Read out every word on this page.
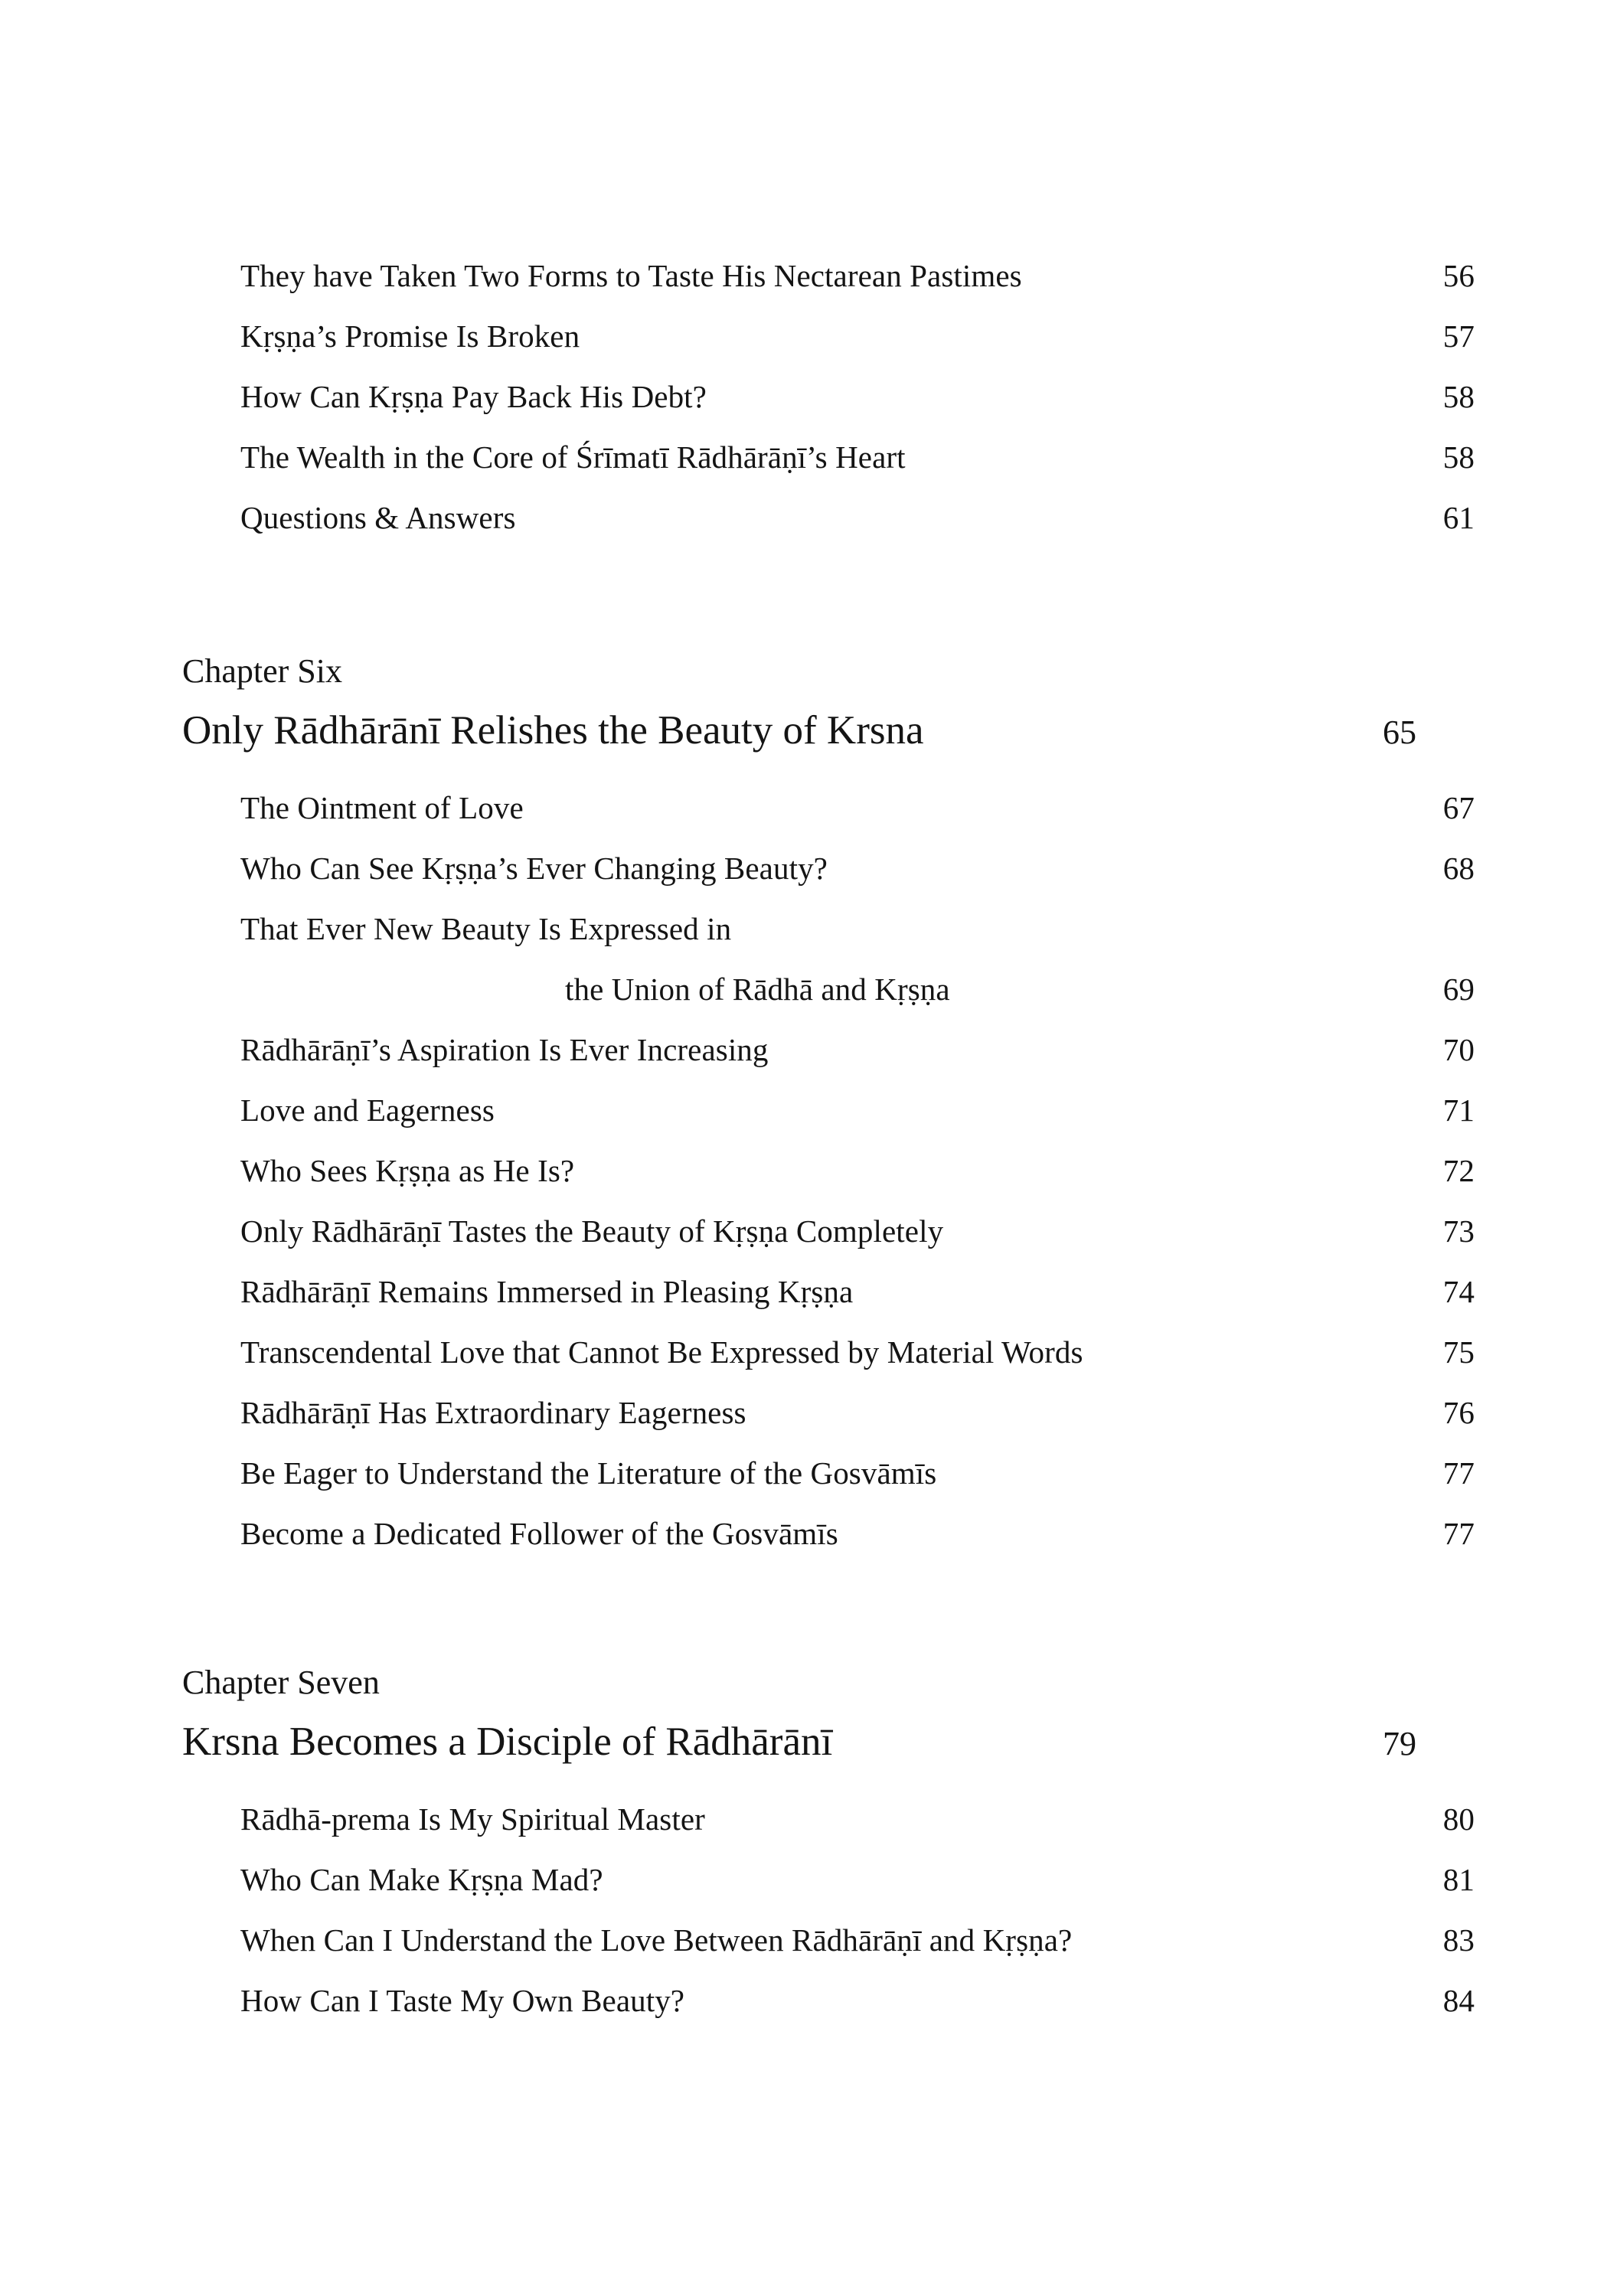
They have Taken Two Forms to Taste His Nectarean Pastimes	56
Kṛṣṇa’s Promise Is Broken	57
How Can Kṛṣṇa Pay Back His Debt?	58
The Wealth in the Core of Śrīmatī Rādhārāṇī’s Heart	58
Questions & Answers	61
Chapter Six
Only Rādhārānī Relishes the Beauty of Krsna	65
The Ointment of Love	67
Who Can See Kṛṣṇa’s Ever Changing Beauty?	68
That Ever New Beauty Is Expressed in
the Union of Rādhā and Kṛṣṇa	69
Rādhārāṇī’s Aspiration Is Ever Increasing	70
Love and Eagerness	71
Who Sees Kṛṣṇa as He Is?	72
Only Rādhārāṇī Tastes the Beauty of Kṛṣṇa Completely	73
Rādhārāṇī Remains Immersed in Pleasing Kṛṣṇa	74
Transcendental Love that Cannot Be Expressed by Material Words	75
Rādhārāṇī Has Extraordinary Eagerness	76
Be Eager to Understand the Literature of the Gosvāmīs	77
Become a Dedicated Follower of the Gosvāmīs	77
Chapter Seven
Krsna Becomes a Disciple of Rādhārānī	79
Rādhā-prema Is My Spiritual Master	80
Who Can Make Kṛṣṇa Mad?	81
When Can I Understand the Love Between Rādhārāṇī and Kṛṣṇa?	83
How Can I Taste My Own Beauty?	84
